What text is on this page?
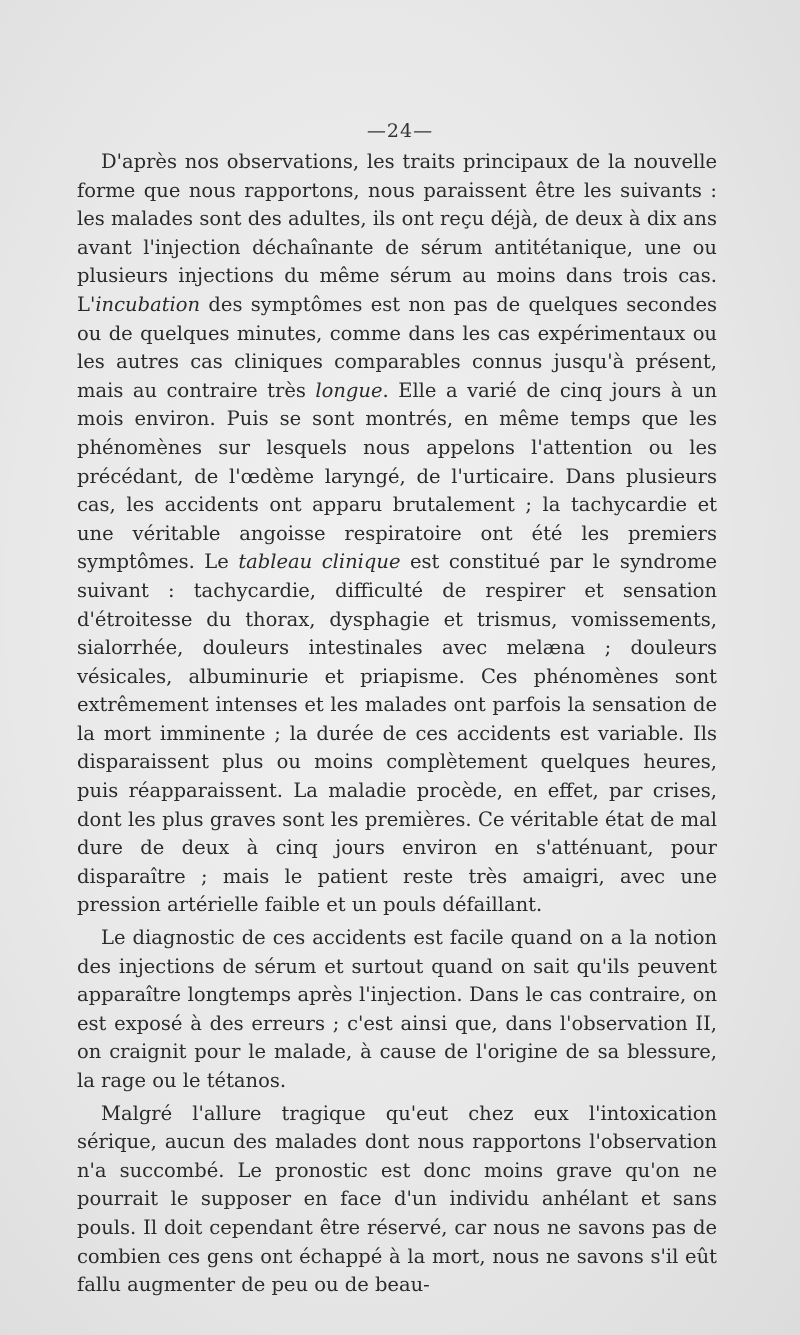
—24—

D'après nos observations, les traits principaux de la nouvelle forme que nous rapportons, nous paraissent être les suivants : les malades sont des adultes, ils ont reçu déjà, de deux à dix ans avant l'injection déchaînante de sérum antitétanique, une ou plusieurs injections du même sérum au moins dans trois cas. L'incubation des symptômes est non pas de quelques secondes ou de quelques minutes, comme dans les cas expérimentaux ou les autres cas cliniques comparables connus jusqu'à présent, mais au contraire très longue. Elle a varié de cinq jours à un mois environ. Puis se sont montrés, en même temps que les phénomènes sur lesquels nous appelons l'attention ou les précédant, de l'œdème laryngé, de l'urticaire. Dans plusieurs cas, les accidents ont apparu brutalement ; la tachycardie et une véritable angoisse respiratoire ont été les premiers symptômes. Le tableau clinique est constitué par le syndrome suivant : tachycardie, difficulté de respirer et sensation d'étroitesse du thorax, dysphagie et trismus, vomissements, sialorrhée, douleurs intestinales avec melæna ; douleurs vésicales, albuminurie et priapisme. Ces phénomènes sont extrêmement intenses et les malades ont parfois la sensation de la mort imminente ; la durée de ces accidents est variable. Ils disparaissent plus ou moins complètement quelques heures, puis réapparaissent. La maladie procède, en effet, par crises, dont les plus graves sont les premières. Ce véritable état de mal dure de deux à cinq jours environ en s'atténuant, pour disparaître ; mais le patient reste très amaigri, avec une pression artérielle faible et un pouls défaillant.

Le diagnostic de ces accidents est facile quand on a la notion des injections de sérum et surtout quand on sait qu'ils peuvent apparaître longtemps après l'injection. Dans le cas contraire, on est exposé à des erreurs ; c'est ainsi que, dans l'observation II, on craignit pour le malade, à cause de l'origine de sa blessure, la rage ou le tétanos.

Malgré l'allure tragique qu'eut chez eux l'intoxication sérique, aucun des malades dont nous rapportons l'observation n'a succombé. Le pronostic est donc moins grave qu'on ne pourrait le supposer en face d'un individu anhélant et sans pouls. Il doit cependant être réservé, car nous ne savons pas de combien ces gens ont échappé à la mort, nous ne savons s'il eût fallu augmenter de peu ou de beau-
